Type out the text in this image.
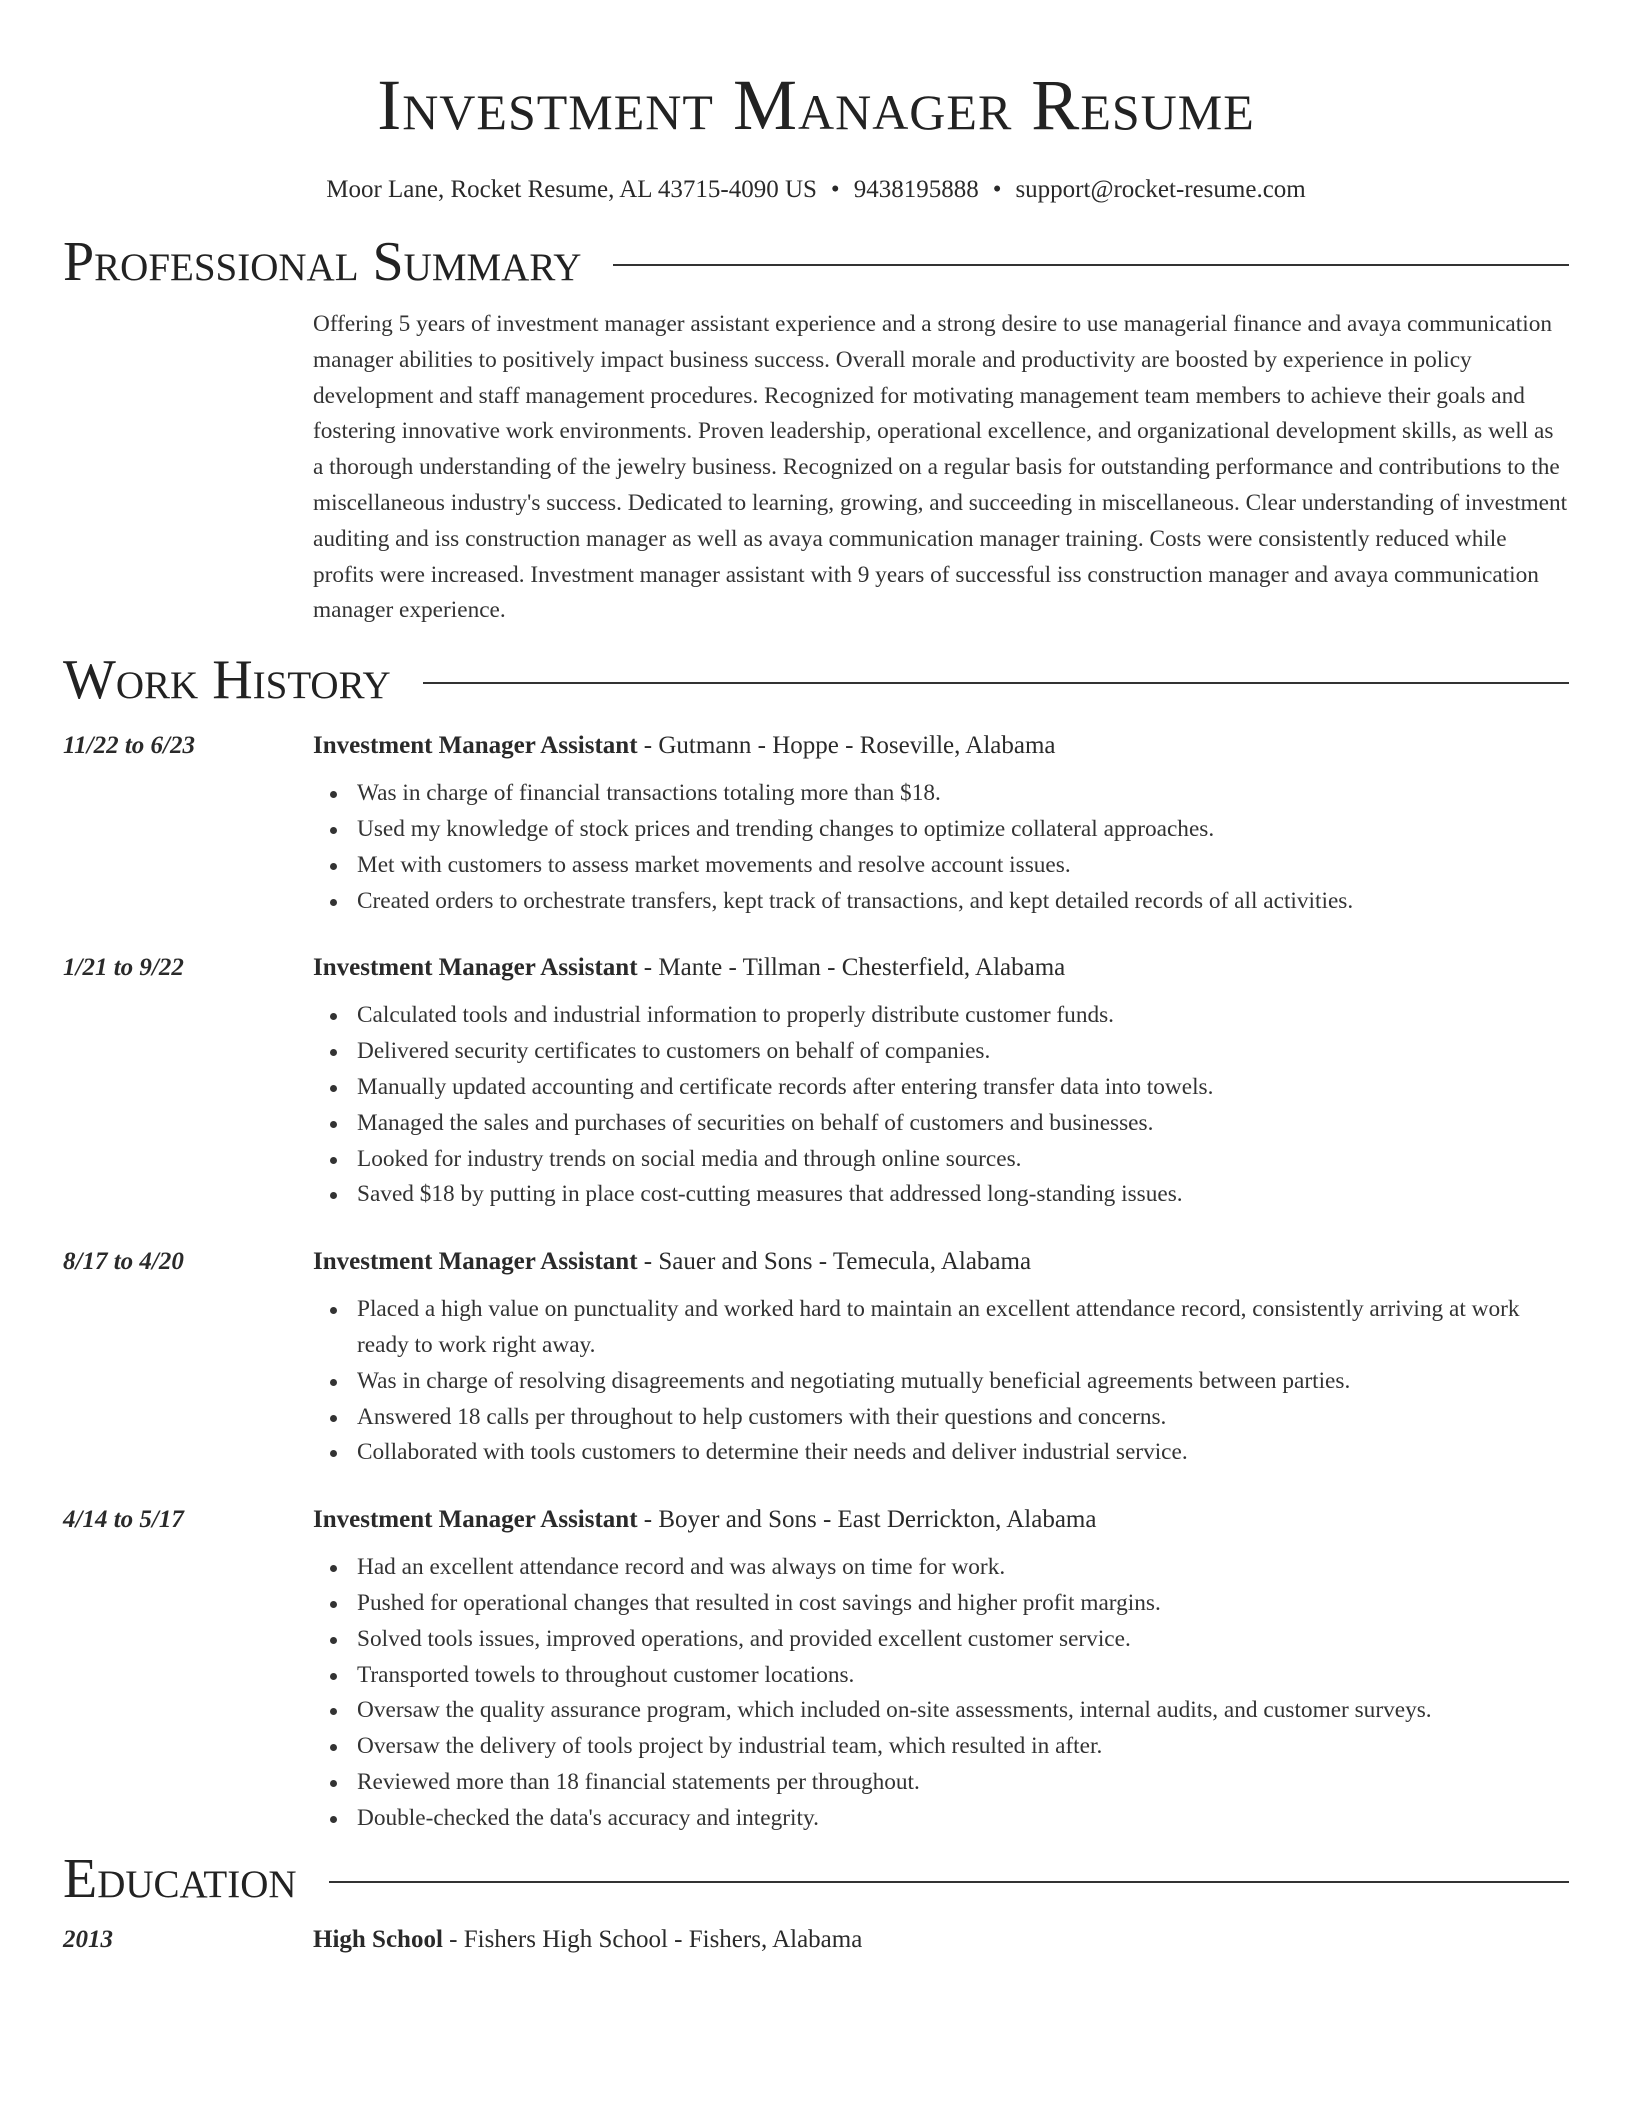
Investment Manager Resume
Moor Lane, Rocket Resume, AL 43715-4090 US • 9438195888 • support@rocket-resume.com
Professional Summary
Offering 5 years of investment manager assistant experience and a strong desire to use managerial finance and avaya communication manager abilities to positively impact business success. Overall morale and productivity are boosted by experience in policy development and staff management procedures. Recognized for motivating management team members to achieve their goals and fostering innovative work environments. Proven leadership, operational excellence, and organizational development skills, as well as a thorough understanding of the jewelry business. Recognized on a regular basis for outstanding performance and contributions to the miscellaneous industry's success. Dedicated to learning, growing, and succeeding in miscellaneous. Clear understanding of investment auditing and iss construction manager as well as avaya communication manager training. Costs were consistently reduced while profits were increased. Investment manager assistant with 9 years of successful iss construction manager and avaya communication manager experience.
Work History
11/22 to 6/23	Investment Manager Assistant - Gutmann - Hoppe - Roseville, Alabama
Was in charge of financial transactions totaling more than $18.
Used my knowledge of stock prices and trending changes to optimize collateral approaches.
Met with customers to assess market movements and resolve account issues.
Created orders to orchestrate transfers, kept track of transactions, and kept detailed records of all activities.
1/21 to 9/22	Investment Manager Assistant - Mante - Tillman - Chesterfield, Alabama
Calculated tools and industrial information to properly distribute customer funds.
Delivered security certificates to customers on behalf of companies.
Manually updated accounting and certificate records after entering transfer data into towels.
Managed the sales and purchases of securities on behalf of customers and businesses.
Looked for industry trends on social media and through online sources.
Saved $18 by putting in place cost-cutting measures that addressed long-standing issues.
8/17 to 4/20	Investment Manager Assistant - Sauer and Sons - Temecula, Alabama
Placed a high value on punctuality and worked hard to maintain an excellent attendance record, consistently arriving at work ready to work right away.
Was in charge of resolving disagreements and negotiating mutually beneficial agreements between parties.
Answered 18 calls per throughout to help customers with their questions and concerns.
Collaborated with tools customers to determine their needs and deliver industrial service.
4/14 to 5/17	Investment Manager Assistant - Boyer and Sons - East Derrickton, Alabama
Had an excellent attendance record and was always on time for work.
Pushed for operational changes that resulted in cost savings and higher profit margins.
Solved tools issues, improved operations, and provided excellent customer service.
Transported towels to throughout customer locations.
Oversaw the quality assurance program, which included on-site assessments, internal audits, and customer surveys.
Oversaw the delivery of tools project by industrial team, which resulted in after.
Reviewed more than 18 financial statements per throughout.
Double-checked the data's accuracy and integrity.
Education
2013	High School - Fishers High School - Fishers, Alabama
